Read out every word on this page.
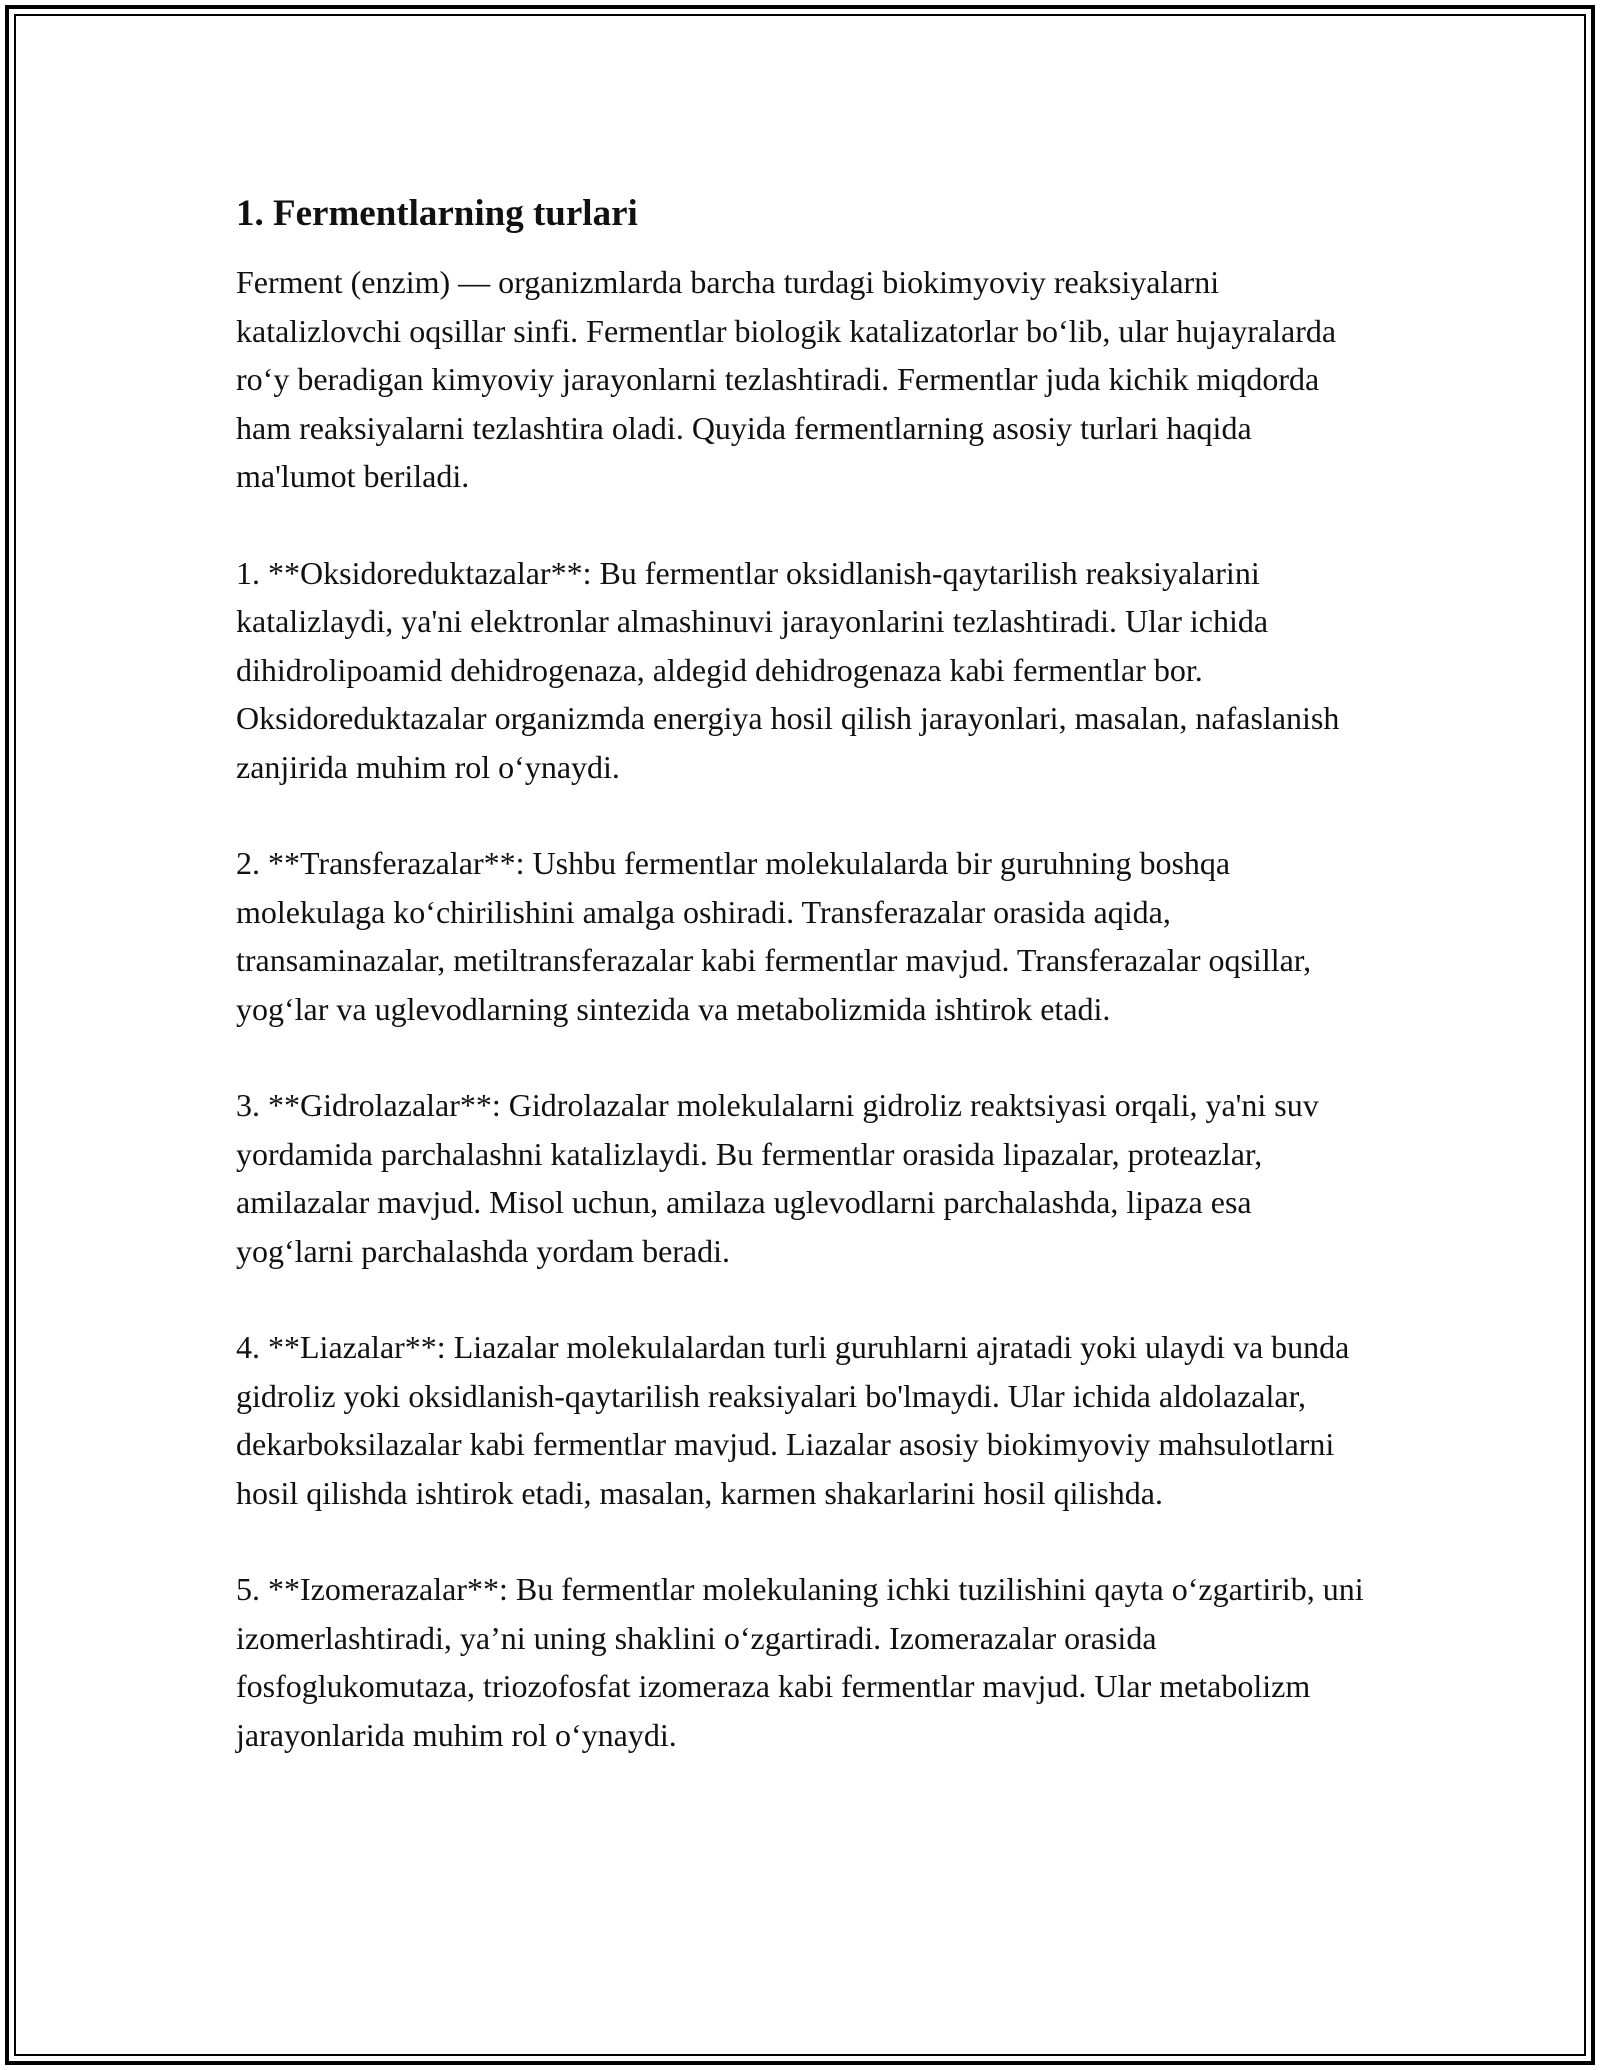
1. Fermentlarning turlari

Ferment (enzim) — organizmlarda barcha turdagi biokimyoviy reaksiyalarni katalizlovchi oqsillar sinfi. Fermentlar biologik katalizatorlar bo‘lib, ular hujayralarda ro‘y beradigan kimyoviy jarayonlarni tezlashtiradi. Fermentlar juda kichik miqdorda ham reaksiyalarni tezlashtira oladi. Quyida fermentlarning asosiy turlari haqida ma'lumot beriladi.

1. **Oksidoreduktazalar**: Bu fermentlar oksidlanish-qaytarilish reaksiyalarini katalizlaydi, ya'ni elektronlar almashinuvi jarayonlarini tezlashtiradi. Ular ichida dihidrolipoamid dehidrogenaza, aldegid dehidrogenaza kabi fermentlar bor. Oksidoreduktazalar organizmda energiya hosil qilish jarayonlari, masalan, nafaslanish zanjirida muhim rol o‘ynaydi.

2. **Transferazalar**: Ushbu fermentlar molekulalarda bir guruhning boshqa molekulaga ko‘chirilishini amalga oshiradi. Transferazalar orasida aqida, transaminazalar, metiltransferazalar kabi fermentlar mavjud. Transferazalar oqsillar, yog‘lar va uglevodlarning sintezida va metabolizmida ishtirok etadi.

3. **Gidrolazalar**: Gidrolazalar molekulalarni gidroliz reaktsiyasi orqali, ya'ni suv yordamida parchalashni katalizlaydi. Bu fermentlar orasida lipazalar, proteazlar, amilazalar mavjud. Misol uchun, amilaza uglevodlarni parchalashda, lipaza esa yog‘larni parchalashda yordam beradi.

4. **Liazalar**: Liazalar molekulalardan turli guruhlarni ajratadi yoki ulaydi va bunda gidroliz yoki oksidlanish-qaytarilish reaksiyalari bo'lmaydi. Ular ichida aldolazalar, dekarboksilazalar kabi fermentlar mavjud. Liazalar asosiy biokimyoviy mahsulotlarni hosil qilishda ishtirok etadi, masalan, karmen shakarlarini hosil qilishda.

5. **Izomerazalar**: Bu fermentlar molekulaning ichki tuzilishini qayta o‘zgartirib, uni izomerlashtiradi, ya’ni uning shaklini o‘zgartiradi. Izomerazalar orasida fosfoglukomutaza, triozofosfat izomeraza kabi fermentlar mavjud. Ular metabolizm jarayonlarida muhim rol o‘ynaydi.
